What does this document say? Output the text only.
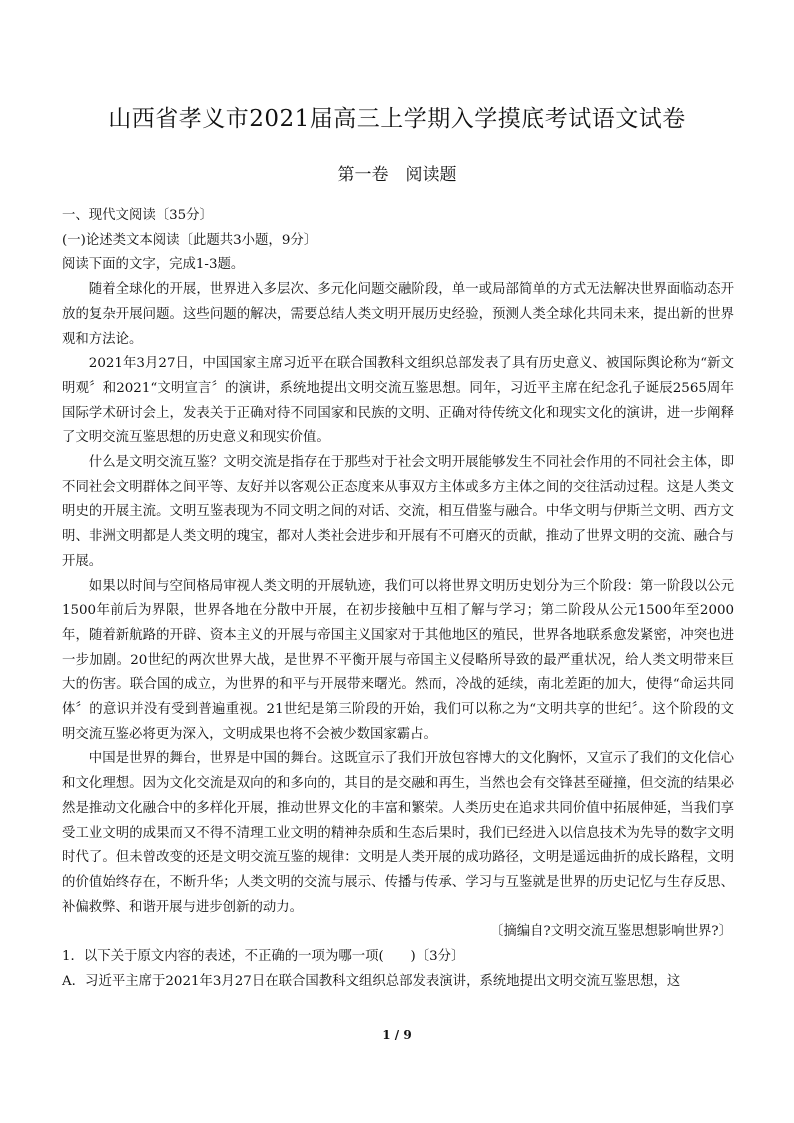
山西省孝义市2021届高三上学期入学摸底考试语文试卷
第一卷　阅读题

一、现代文阅读〔35分〕

(一)论述类文本阅读〔此题共3小题，9分〕

阅读下面的文字，完成1-3题。

随着全球化的开展，世界进入多层次、多元化问题交融阶段，单一或局部简单的方式无法解决世界面临动态开放的复杂开展问题。这些问题的解决，需要总结人类文明开展历史经验，预测人类全球化共同未来，提出新的世界观和方法论。

2021年3月27日，中国国家主席习近平在联合国教科文组织总部发表了具有历史意义、被国际舆论称为“新文明观〞和2021“文明宣言〞的演讲，系统地提出文明交流互鉴思想。同年，习近平主席在纪念孔子诞辰2565周年国际学术研讨会上，发表关于正确对待不同国家和民族的文明、正确对待传统文化和现实文化的演讲，进一步阐释了文明交流互鉴思想的历史意义和现实价值。

什么是文明交流互鉴？文明交流是指存在于那些对于社会文明开展能够发生不同社会作用的不同社会主体，即不同社会文明群体之间平等、友好并以客观公正态度来从事双方主体或多方主体之间的交往活动过程。这是人类文明史的开展主流。文明互鉴表现为不同文明之间的对话、交流，相互借鉴与融合。中华文明与伊斯兰文明、西方文明、非洲文明都是人类文明的瑰宝，都对人类社会进步和开展有不可磨灭的贡献，推动了世界文明的交流、融合与开展。

如果以时间与空间格局审视人类文明的开展轨迹，我们可以将世界文明历史划分为三个阶段：第一阶段以公元1500年前后为界限，世界各地在分散中开展，在初步接触中互相了解与学习；第二阶段从公元1500年至2000年，随着新航路的开辟、资本主义的开展与帝国主义国家对于其他地区的殖民，世界各地联系愈发紧密，冲突也进一步加剧。20世纪的两次世界大战，是世界不平衡开展与帝国主义侵略所导致的最严重状况，给人类文明带来巨大的伤害。联合国的成立，为世界的和平与开展带来曙光。然而，冷战的延续，南北差距的加大，使得“命运共同体〞的意识并没有受到普遍重视。21世纪是第三阶段的开始，我们可以称之为“文明共享的世纪〞。这个阶段的文明交流互鉴必将更为深入，文明成果也将不会被少数国家霸占。

中国是世界的舞台，世界是中国的舞台。这既宣示了我们开放包容博大的文化胸怀，又宣示了我们的文化信心和文化理想。因为文化交流是双向的和多向的，其目的是交融和再生，当然也会有交锋甚至碰撞，但交流的结果必然是推动文化融合中的多样化开展，推动世界文化的丰富和繁荣。人类历史在追求共同价值中拓展伸延，当我们享受工业文明的成果而又不得不清理工业文明的精神杂质和生态后果时，我们已经进入以信息技术为先导的数字文明时代了。但未曾改变的还是文明交流互鉴的规律：文明是人类开展的成功路径，文明是遥远曲折的成长路程，文明的价值始终存在，不断升华；人类文明的交流与展示、传播与传承、学习与互鉴就是世界的历史记忆与生存反思、补偏救弊、和谐开展与进步创新的动力。

〔摘编自?文明交流互鉴思想影响世界?〕

1．以下关于原文内容的表述，不正确的一项为哪一项(　　)〔3分〕

A．习近平主席于2021年3月27日在联合国教科文组织总部发表演讲，系统地提出文明交流互鉴思想，这

1 / 9
